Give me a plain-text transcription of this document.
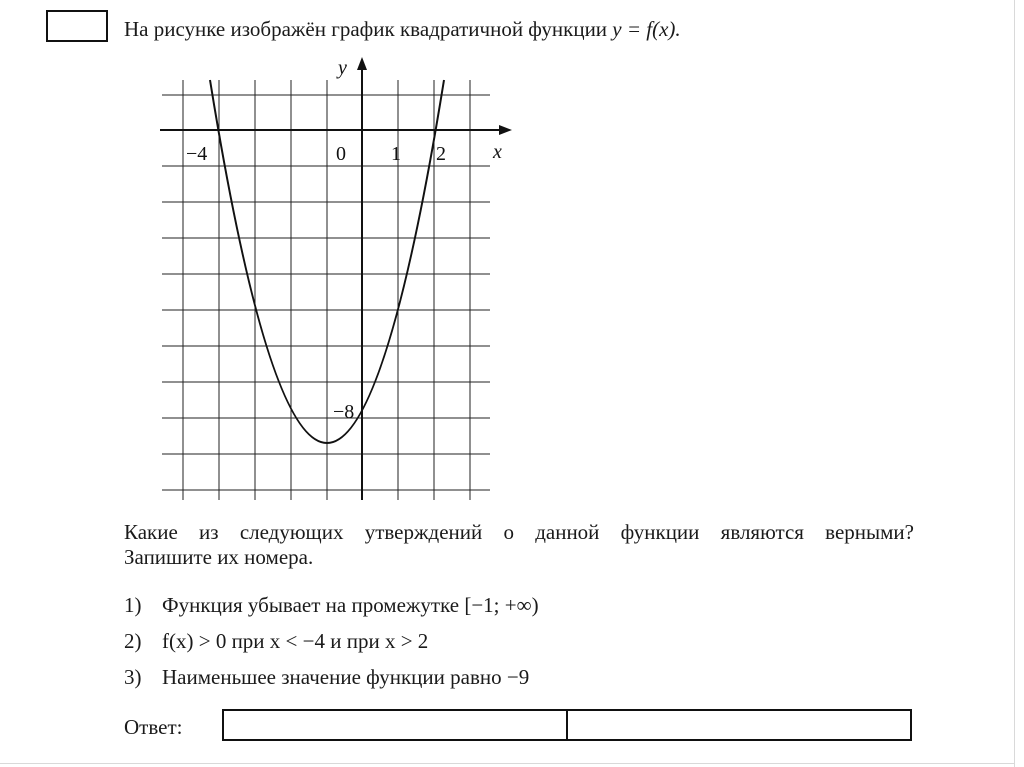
На рисунке изображён график квадратичной функции y = f(x).
y
x
−4	0 1 2
−8
Какие из следующих утверждений о данной функции являются верными?
Запишите их номера.
1) Функция убывает на промежутке [−1; +∞)
2) f(x) > 0 при x < −4 и при x > 2
3) Наименьшее значение функции равно −9
Ответ:
